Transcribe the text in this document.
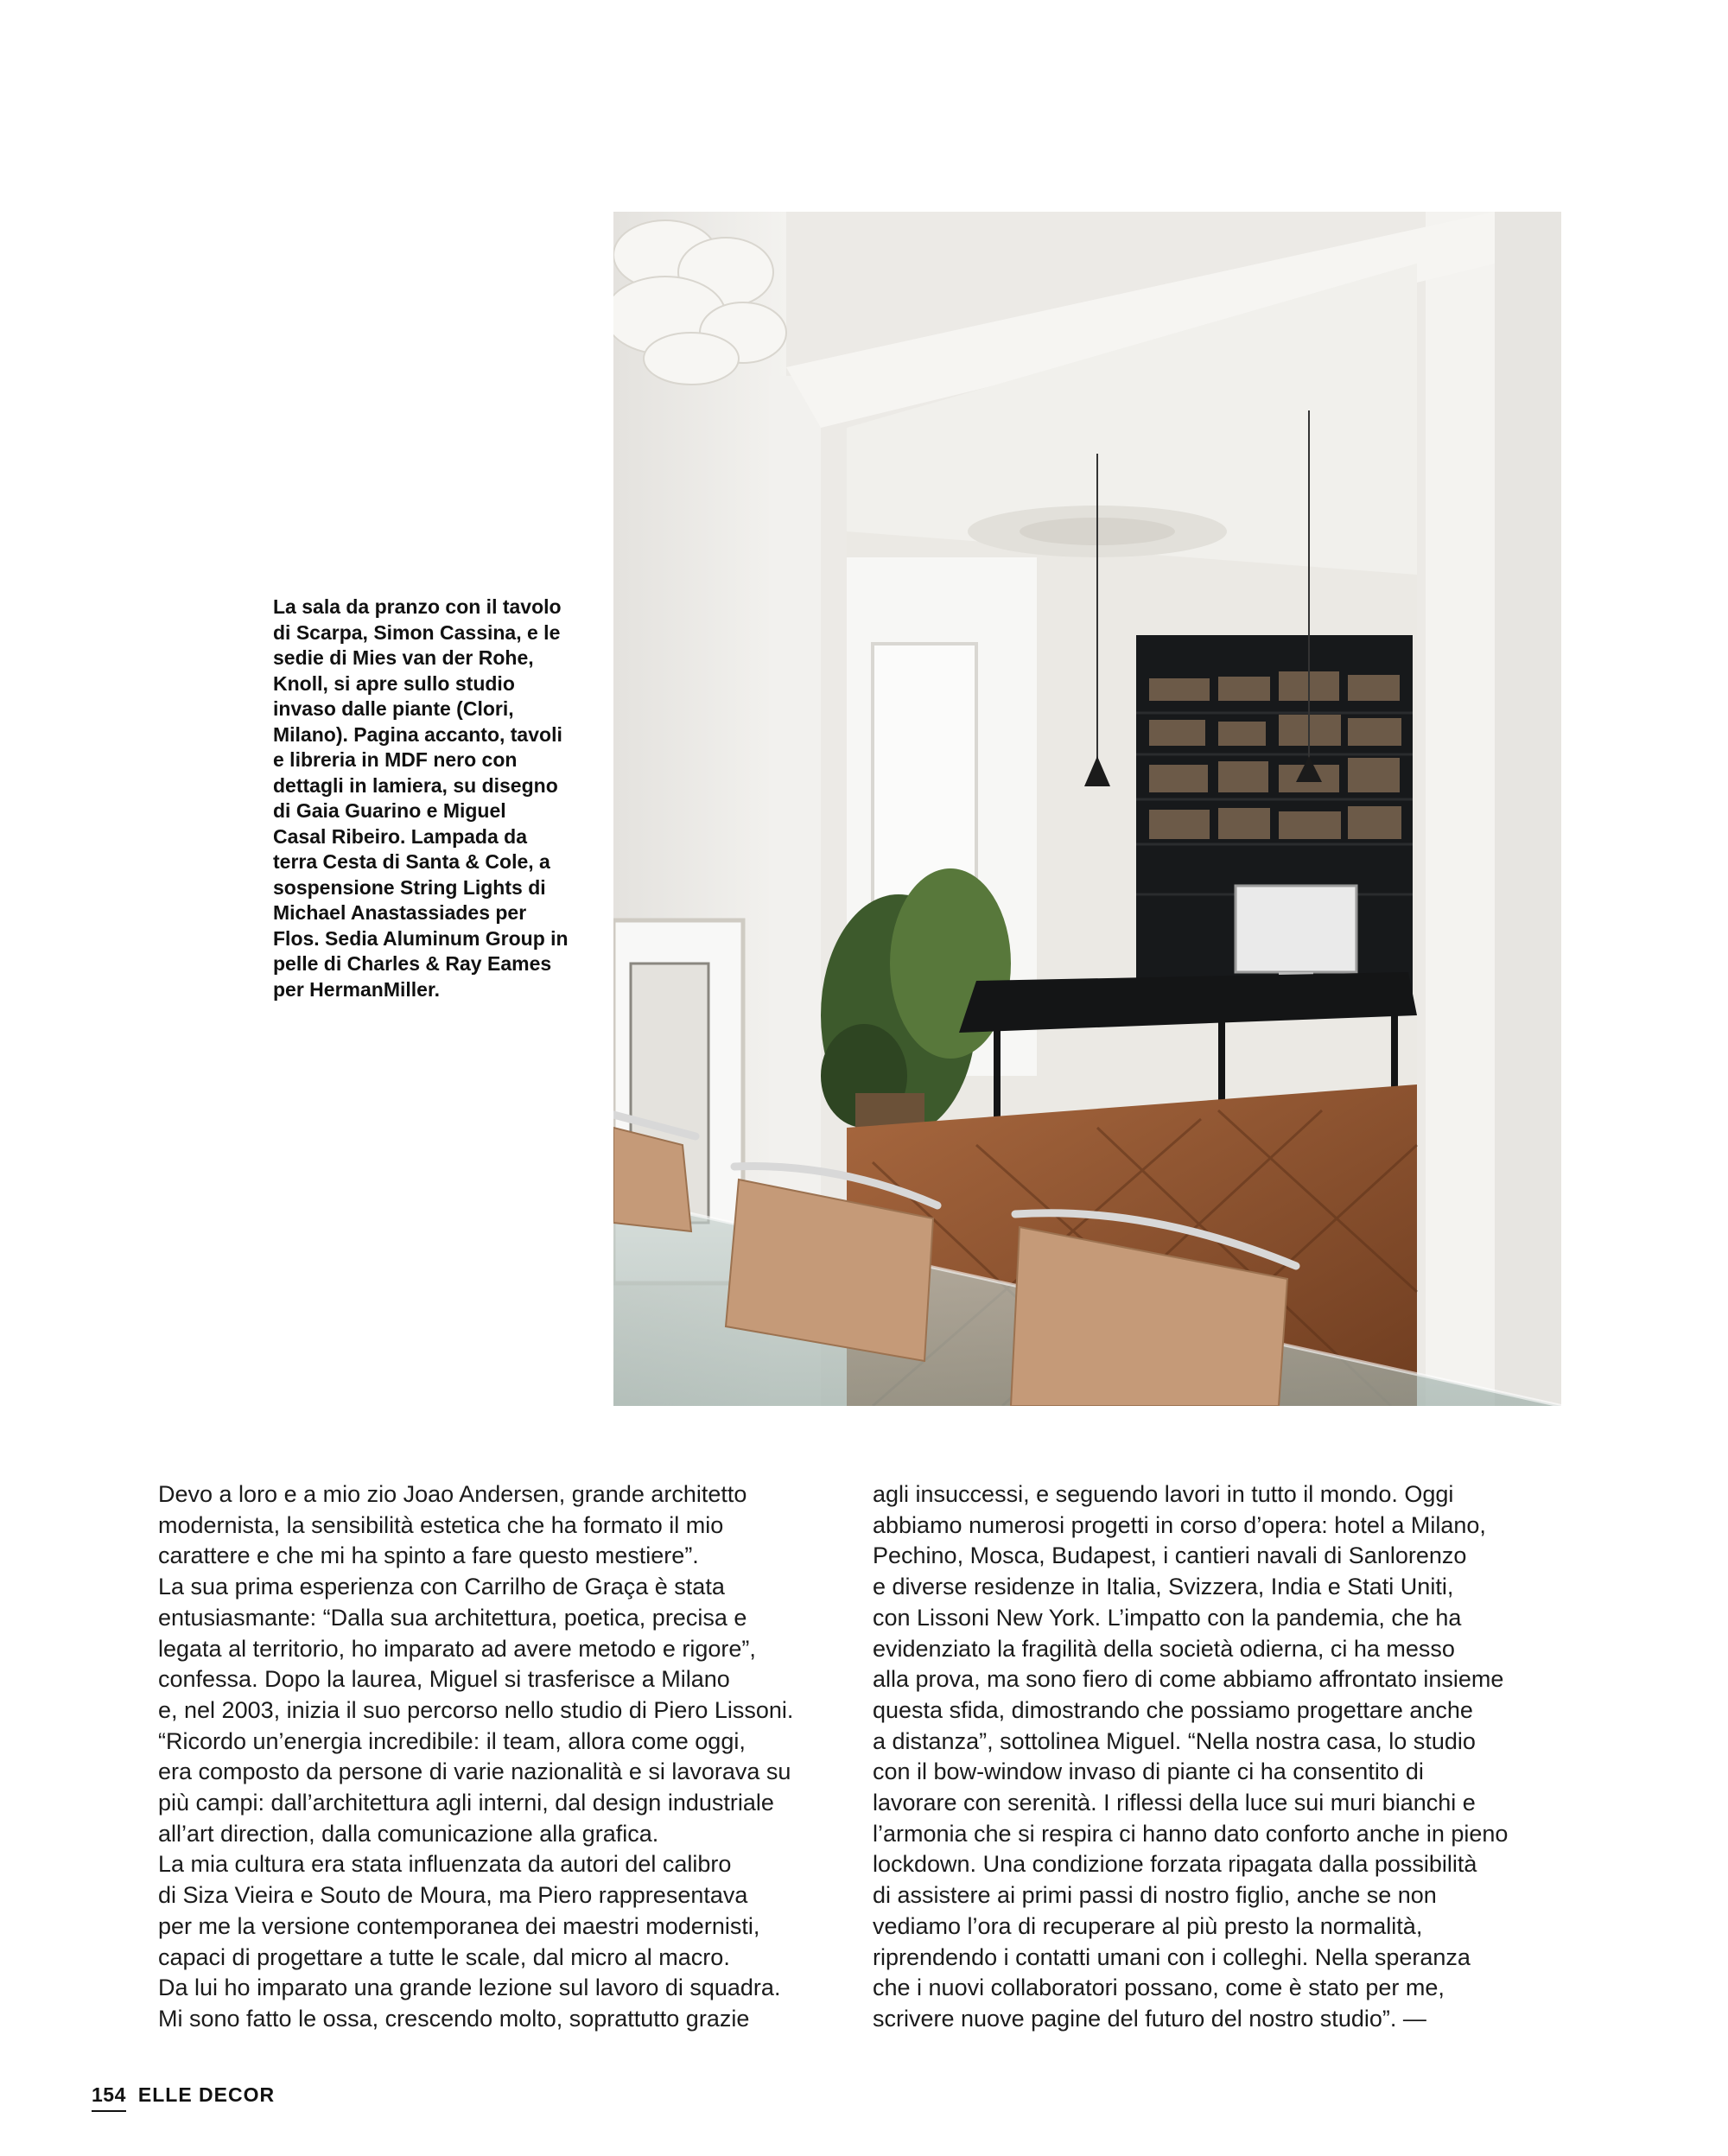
La sala da pranzo con il tavolo
di Scarpa, Simon Cassina, e le
sedie di Mies van der Rohe,
Knoll, si apre sullo studio
invaso dalle piante (Clori,
Milano). Pagina accanto, tavoli
e libreria in MDF nero con
dettagli in lamiera, su disegno
di Gaia Guarino e Miguel
Casal Ribeiro. Lampada da
terra Cesta di Santa & Cole, a
sospensione String Lights di
Michael Anastassiades per
Flos. Sedia Aluminum Group in
pelle di Charles & Ray Eames
per HermanMiller.
Devo a loro e a mio zio Joao Andersen, grande architetto
modernista, la sensibilità estetica che ha formato il mio
carattere e che mi ha spinto a fare questo mestiere”.
La sua prima esperienza con Carrilho de Graça è stata
entusiasmante: “Dalla sua architettura, poetica, precisa e
legata al territorio, ho imparato ad avere metodo e rigore”,
confessa. Dopo la laurea, Miguel si trasferisce a Milano
e, nel 2003, inizia il suo percorso nello studio di Piero Lissoni.
“Ricordo un’energia incredibile: il team, allora come oggi,
era composto da persone di varie nazionalità e si lavorava su
più campi: dall’architettura agli interni, dal design industriale
all’art direction, dalla comunicazione alla grafica.
La mia cultura era stata influenzata da autori del calibro
di Siza Vieira e Souto de Moura, ma Piero rappresentava
per me la versione contemporanea dei maestri modernisti,
capaci di progettare a tutte le scale, dal micro al macro.
Da lui ho imparato una grande lezione sul lavoro di squadra.
Mi sono fatto le ossa, crescendo molto, soprattutto grazie
agli insuccessi, e seguendo lavori in tutto il mondo. Oggi
abbiamo numerosi progetti in corso d’opera: hotel a Milano,
Pechino, Mosca, Budapest, i cantieri navali di Sanlorenzo
e diverse residenze in Italia, Svizzera, India e Stati Uniti,
con Lissoni New York. L’impatto con la pandemia, che ha
evidenziato la fragilità della società odierna, ci ha messo
alla prova, ma sono fiero di come abbiamo affrontato insieme
questa sfida, dimostrando che possiamo progettare anche
a distanza”, sottolinea Miguel. “Nella nostra casa, lo studio
con il bow-window invaso di piante ci ha consentito di
lavorare con serenità. I riflessi della luce sui muri bianchi e
l’armonia che si respira ci hanno dato conforto anche in pieno
lockdown. Una condizione forzata ripagata dalla possibilità
di assistere ai primi passi di nostro figlio, anche se non
vediamo l’ora di recuperare al più presto la normalità,
riprendendo i contatti umani con i colleghi. Nella speranza
che i nuovi collaboratori possano, come è stato per me,
scrivere nuove pagine del futuro del nostro studio”. —
154 ELLE DECOR
